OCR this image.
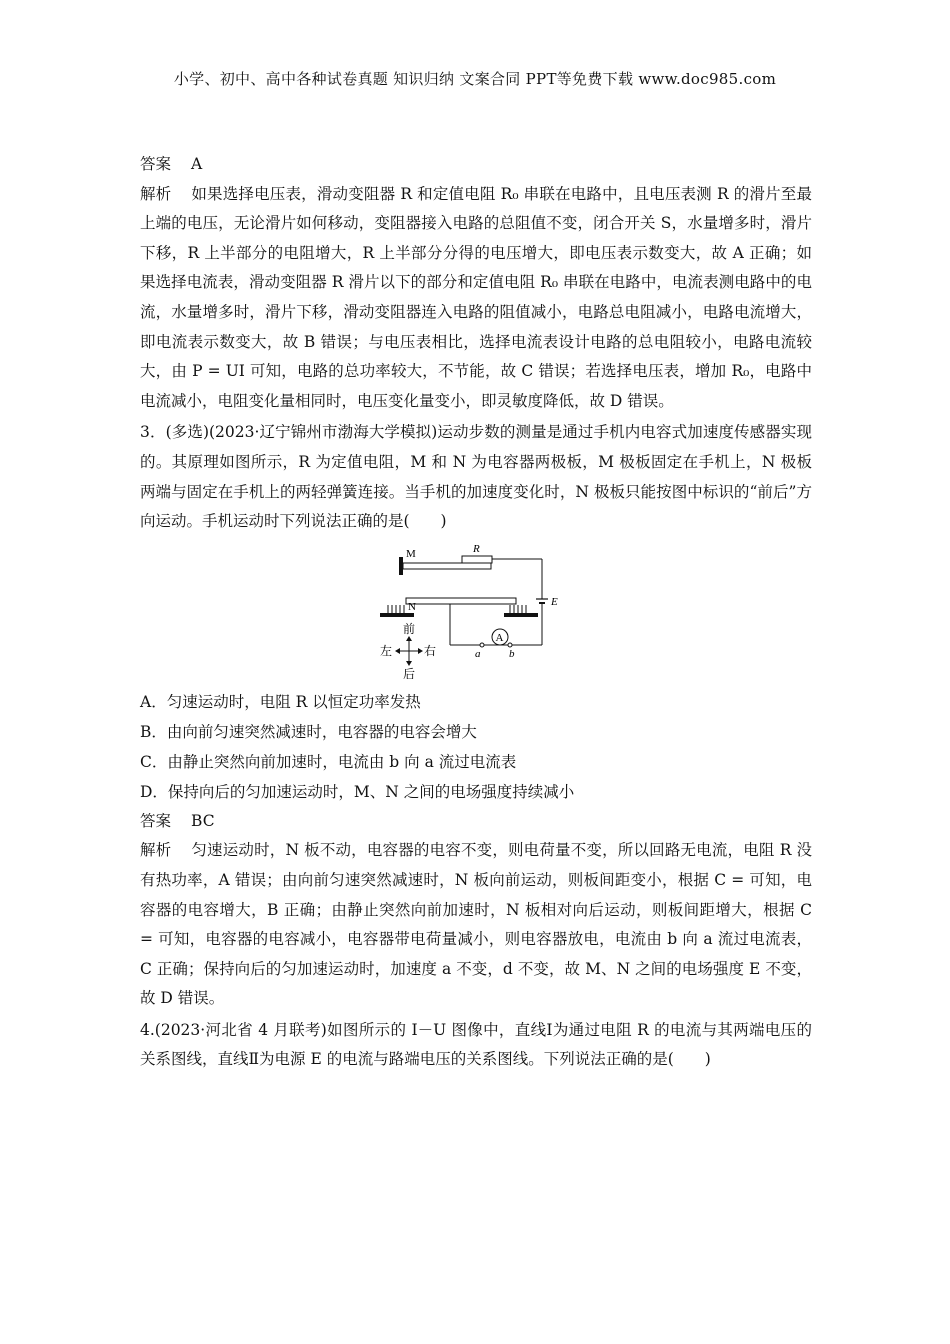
小学、初中、高中各种试卷真题 知识归纳 文案合同 PPT等免费下载 www.doc985.com

答案 A

解析 如果选择电压表，滑动变阻器 R 和定值电阻 R₀ 串联在电路中，且电压表测 R 的滑片至最上端的电压，无论滑片如何移动，变阻器接入电路的总阻值不变，闭合开关 S，水量增多时，滑片下移，R 上半部分的电阻增大，R 上半部分分得的电压增大，即电压表示数变大，故 A 正确；如果选择电流表，滑动变阻器 R 滑片以下的部分和定值电阻 R₀ 串联在电路中，电流表测电路中的电流，水量增多时，滑片下移，滑动变阻器连入电路的阻值减小，电路总电阻减小，电路电流增大，即电流表示数变大，故 B 错误；与电压表相比，选择电流表设计电路的总电阻较小，电路电流较大，由 P = UI 可知，电路的总功率较大，不节能，故 C 错误；若选择电压表，增加 R₀，电路中电流减小，电阻变化量相同时，电压变化量变小，即灵敏度降低，故 D 错误。

3．(多选)(2023·辽宁锦州市渤海大学模拟)运动步数的测量是通过手机内电容式加速度传感器实现的。其原理如图所示，R 为定值电阻，M 和 N 为电容器两极板，M 极板固定在手机上，N 极板两端与固定在手机上的两轻弹簧连接。当手机的加速度变化时，N 极板只能按图中标识的“前后”方向运动。手机运动时下列说法正确的是(　　)

M	R
E
N
A
a	b
前
后
左	右

A．匀速运动时，电阻 R 以恒定功率发热

B．由向前匀速突然减速时，电容器的电容会增大

C．由静止突然向前加速时，电流由 b 向 a 流过电流表

D．保持向后的匀加速运动时，M、N 之间的电场强度持续减小

答案 BC

解析 匀速运动时，N 板不动，电容器的电容不变，则电荷量不变，所以回路无电流，电阻 R 没有热功率，A 错误；由向前匀速突然减速时，N 板向前运动，则板间距变小，根据 C = 可知，电容器的电容增大，B 正确；由静止突然向前加速时，N 板相对向后运动，则板间距增大，根据 C = 可知，电容器的电容减小，电容器带电荷量减小，则电容器放电，电流由 b 向 a 流过电流表，C 正确；保持向后的匀加速运动时，加速度 a 不变，d 不变，故 M、N 之间的电场强度 E 不变，故 D 错误。

4.(2023·河北省 4 月联考)如图所示的 I－U 图像中，直线Ⅰ为通过电阻 R 的电流与其两端电压的关系图线，直线Ⅱ为电源 E 的电流与路端电压的关系图线。下列说法正确的是(　　)
